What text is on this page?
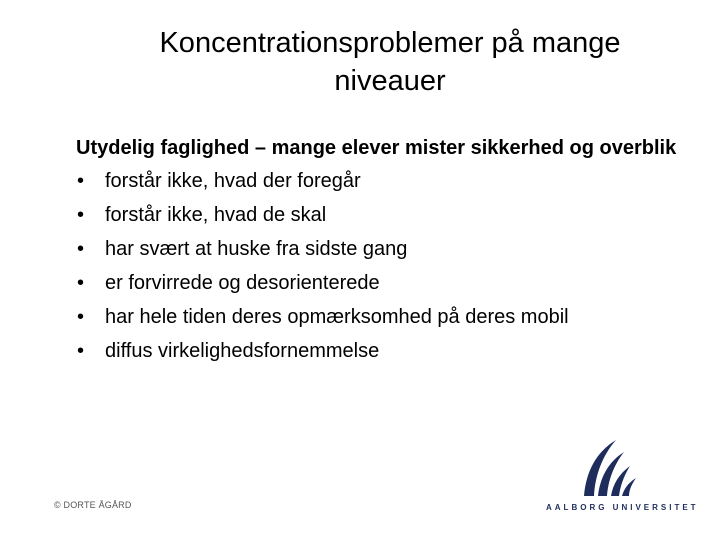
Koncentrationsproblemer på mange
niveauer
Utydelig faglighed – mange elever mister sikkerhed og overblik
• forstår ikke, hvad der foregår
• forstår ikke, hvad de skal
• har svært at huske fra sidste gang
• er forvirrede og desorienterede
• har hele tiden deres opmærksomhed på deres mobil
• diffus virkelighedsfornemmelse
© DORTE ÅGÅRD	AALBORG UNIVERSITET
